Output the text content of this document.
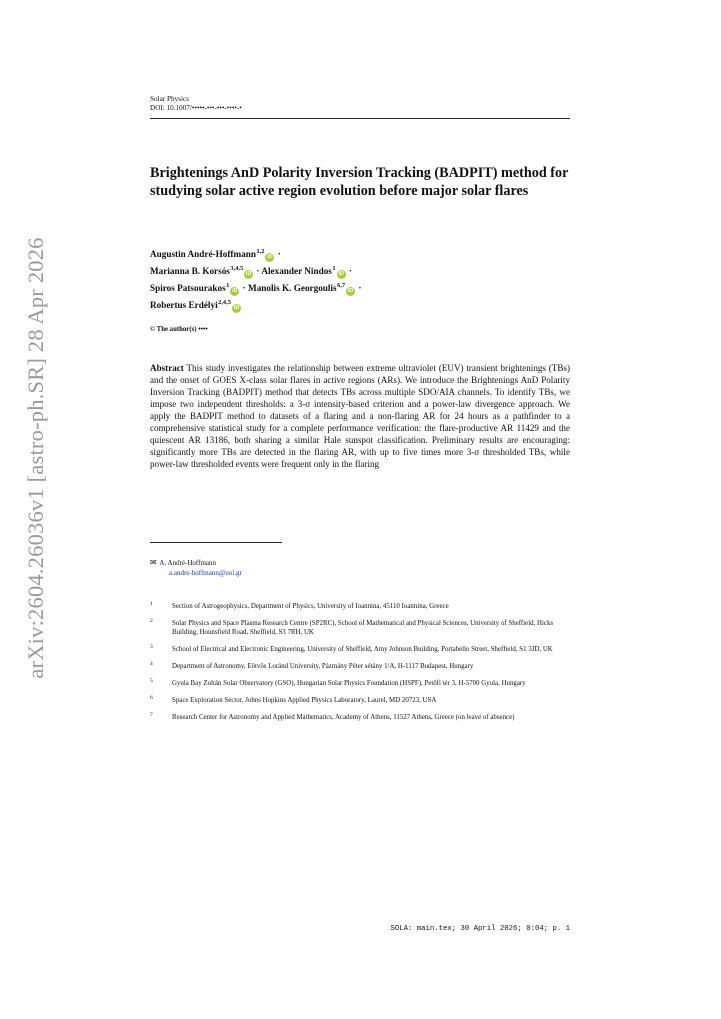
arXiv:2604.26036v1 [astro-ph.SR] 28 Apr 2026
Solar Physics
DOI: 10.1007/•••••-•••-•••-••••-•
Brightenings AnD Polarity Inversion Tracking (BADPIT) method for studying solar active region evolution before major solar flares
Augustin André-Hoffmann$^{1,2}$iD ·
Marianna B. Korsós$^{3,4,5}$iD · Alexander Nindos$^1$iD ·
Spiros Patsourakos$^1$iD · Manolis K. Georgoulis$^{6,7}$iD ·
Robertus Erdélyi$^{2,4,5}$iD
© The author(s) ••••

Abstract This study investigates the relationship between extreme ultraviolet (EUV) transient brightenings (TBs) and the onset of GOES X-class solar flares in active regions (ARs). We introduce the Brightenings AnD Polarity Inversion Tracking (BADPIT) method that detects TBs across multiple SDO/AIA channels. To identify TBs, we impose two independent thresholds: a 3-σ intensity-based criterion and a power-law divergence approach. We apply the BADPIT method to datasets of a flaring and a non-flaring AR for 24 hours as a pathfinder to a comprehensive statistical study for a complete performance verification: the flare-productive AR 11429 and the quiescent AR 13186, both sharing a similar Hale sunspot classification. Preliminary results are encouraging: significantly more TBs are detected in the flaring AR, with up to five times more 3-σ thresholded TBs, while power-law thresholded events were frequent only in the flaring

✉ A. André-Hoffmann
a.andre-hoffmann@uoi.gr
1	Section of Astrogeophysics, Department of Physics, University of Ioannina, 45110 Ioannina, Greece
2	Solar Physics and Space Plasma Research Centre (SP2RC), School of Mathematical and Physical Sciences, University of Sheffield, Hicks Building, Hounsfield Road, Sheffield, S3 7RH, UK
3	School of Electrical and Electronic Engineering, University of Sheffield, Amy Johnson Building, Portabello Street, Sheffield, S1 3JD, UK
4	Department of Astronomy, Eötvös Loránd University, Pázmány Péter sétány 1/A, H-1117 Budapest, Hungary
5	Gyula Bay Zoltán Solar Observatory (GSO), Hungarian Solar Physics Foundation (HSPF), Petőfi tér 3, H-5700 Gyula, Hungary
6	Space Exploration Sector, Johns Hopkins Applied Physics Laboratory, Laurel, MD 20723, USA
7	Research Center for Astronomy and Applied Mathematics, Academy of Athens, 11527 Athens, Greece (on leave of absence)
SOLA: main.tex; 30 April 2026; 0:04; p. 1
